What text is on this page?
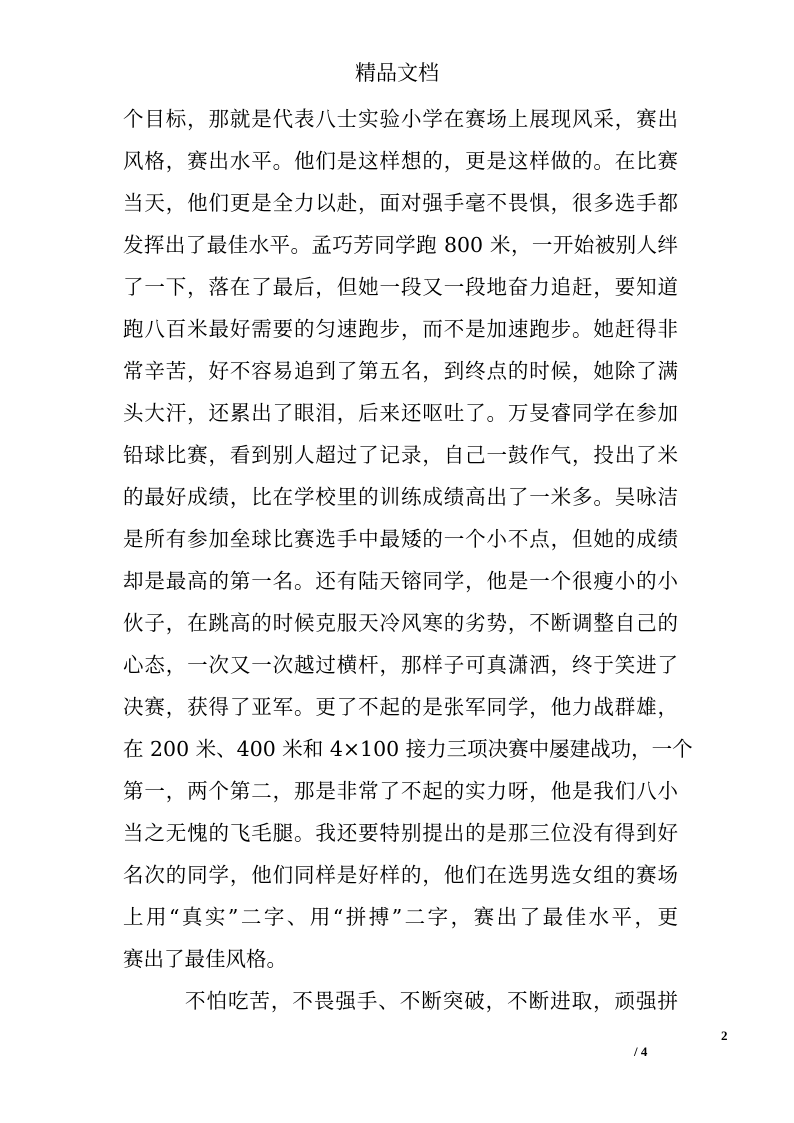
精品文档
个目标，那就是代表八士实验小学在赛场上展现风采，赛出
风格，赛出水平。他们是这样想的，更是这样做的。在比赛
当天，他们更是全力以赴，面对强手毫不畏惧，很多选手都
发挥出了最佳水平。孟巧芳同学跑 800 米，一开始被别人绊
了一下，落在了最后，但她一段又一段地奋力追赶，要知道
跑八百米最好需要的匀速跑步，而不是加速跑步。她赶得非
常辛苦，好不容易追到了第五名，到终点的时候，她除了满
头大汗，还累出了眼泪，后来还呕吐了。万旻睿同学在参加
铅球比赛，看到别人超过了记录，自己一鼓作气，投出了米
的最好成绩，比在学校里的训练成绩高出了一米多。吴咏洁
是所有参加垒球比赛选手中最矮的一个小不点，但她的成绩
却是最高的第一名。还有陆天镕同学，他是一个很瘦小的小
伙子，在跳高的时候克服天冷风寒的劣势，不断调整自己的
心态，一次又一次越过横杆，那样子可真潇洒，终于笑进了
决赛，获得了亚军。更了不起的是张军同学，他力战群雄，
在 200 米、400 米和 4×100 接力三项决赛中屡建战功，一个
第一，两个第二，那是非常了不起的实力呀，他是我们八小
当之无愧的飞毛腿。我还要特别提出的是那三位没有得到好
名次的同学，他们同样是好样的，他们在选男选女组的赛场
上用“真实”二字、用“拼搏”二字，赛出了最佳水平，更
赛出了最佳风格。
不怕吃苦，不畏强手、不断突破，不断进取，顽强拼
2
/ 4
